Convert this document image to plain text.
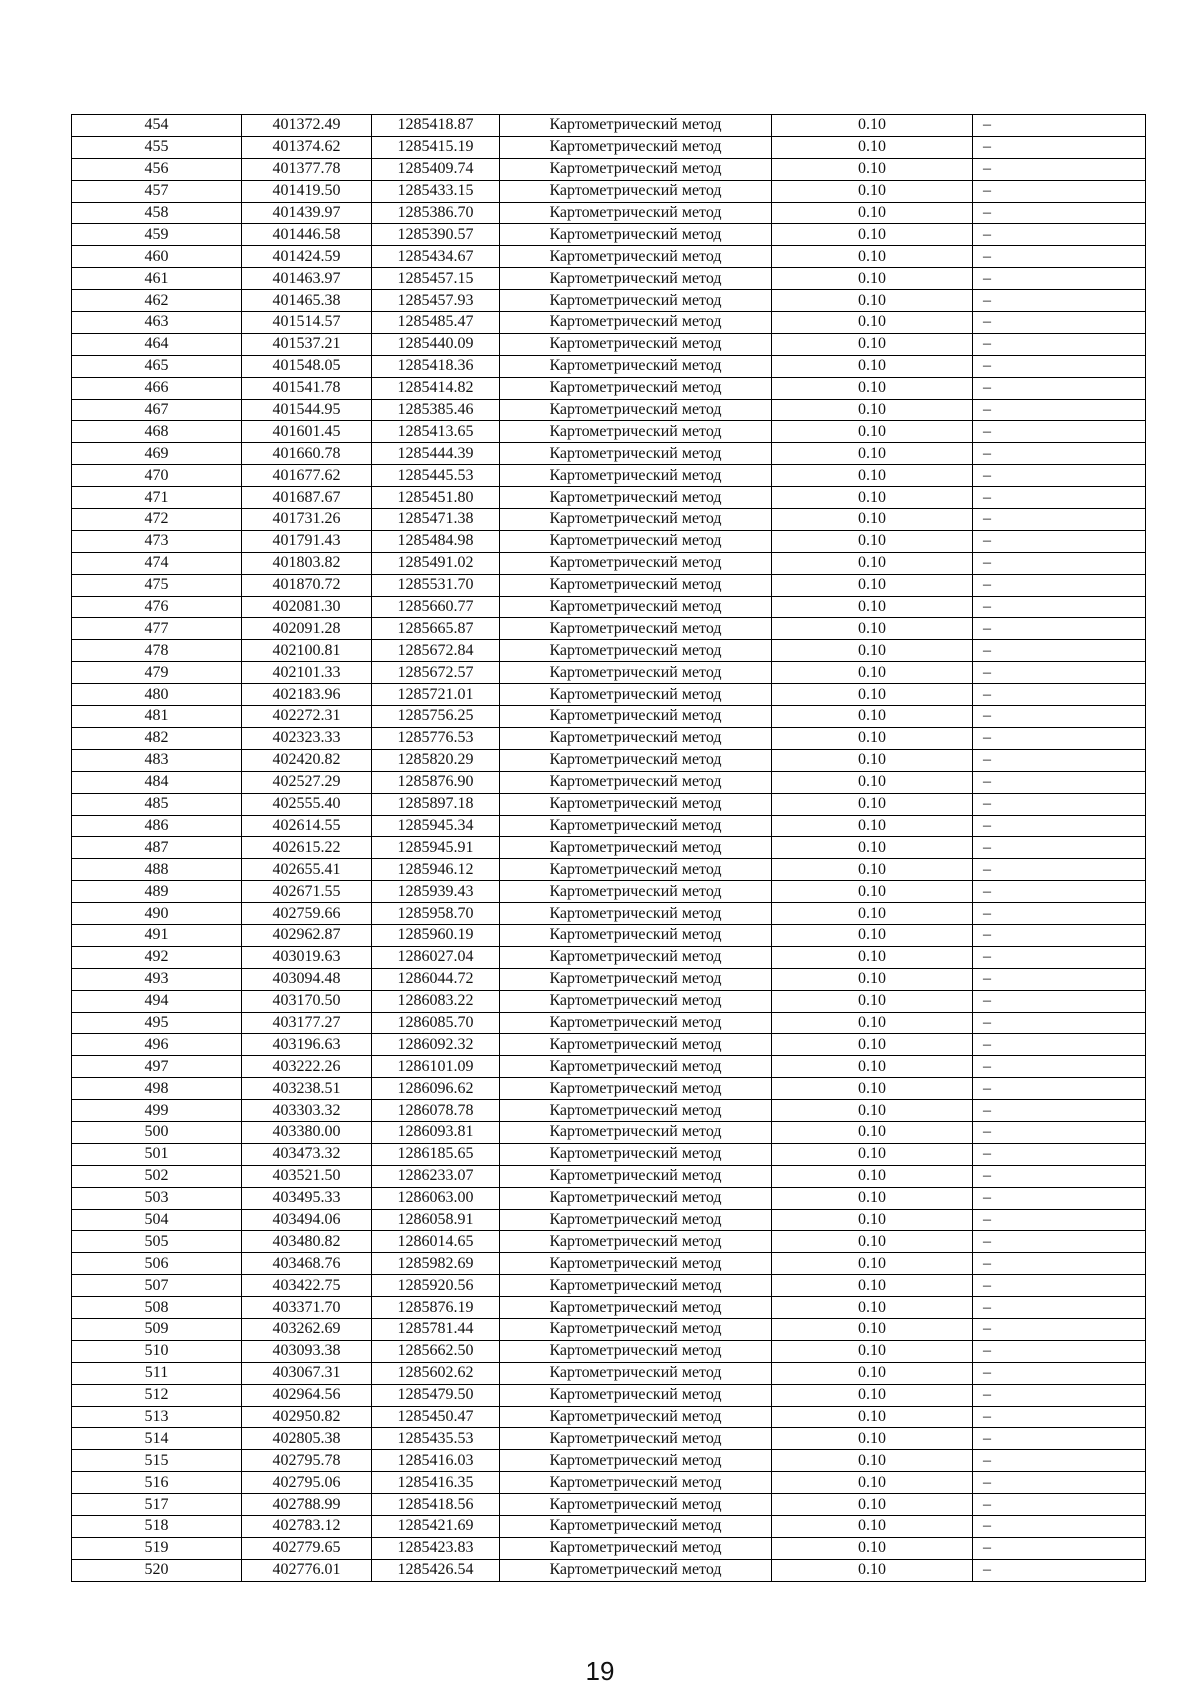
454	401372.49	1285418.87	Картометрический метод	0.10	–
455	401374.62	1285415.19	Картометрический метод	0.10	–
456	401377.78	1285409.74	Картометрический метод	0.10	–
457	401419.50	1285433.15	Картометрический метод	0.10	–
458	401439.97	1285386.70	Картометрический метод	0.10	–
459	401446.58	1285390.57	Картометрический метод	0.10	–
460	401424.59	1285434.67	Картометрический метод	0.10	–
461	401463.97	1285457.15	Картометрический метод	0.10	–
462	401465.38	1285457.93	Картометрический метод	0.10	–
463	401514.57	1285485.47	Картометрический метод	0.10	–
464	401537.21	1285440.09	Картометрический метод	0.10	–
465	401548.05	1285418.36	Картометрический метод	0.10	–
466	401541.78	1285414.82	Картометрический метод	0.10	–
467	401544.95	1285385.46	Картометрический метод	0.10	–
468	401601.45	1285413.65	Картометрический метод	0.10	–
469	401660.78	1285444.39	Картометрический метод	0.10	–
470	401677.62	1285445.53	Картометрический метод	0.10	–
471	401687.67	1285451.80	Картометрический метод	0.10	–
472	401731.26	1285471.38	Картометрический метод	0.10	–
473	401791.43	1285484.98	Картометрический метод	0.10	–
474	401803.82	1285491.02	Картометрический метод	0.10	–
475	401870.72	1285531.70	Картометрический метод	0.10	–
476	402081.30	1285660.77	Картометрический метод	0.10	–
477	402091.28	1285665.87	Картометрический метод	0.10	–
478	402100.81	1285672.84	Картометрический метод	0.10	–
479	402101.33	1285672.57	Картометрический метод	0.10	–
480	402183.96	1285721.01	Картометрический метод	0.10	–
481	402272.31	1285756.25	Картометрический метод	0.10	–
482	402323.33	1285776.53	Картометрический метод	0.10	–
483	402420.82	1285820.29	Картометрический метод	0.10	–
484	402527.29	1285876.90	Картометрический метод	0.10	–
485	402555.40	1285897.18	Картометрический метод	0.10	–
486	402614.55	1285945.34	Картометрический метод	0.10	–
487	402615.22	1285945.91	Картометрический метод	0.10	–
488	402655.41	1285946.12	Картометрический метод	0.10	–
489	402671.55	1285939.43	Картометрический метод	0.10	–
490	402759.66	1285958.70	Картометрический метод	0.10	–
491	402962.87	1285960.19	Картометрический метод	0.10	–
492	403019.63	1286027.04	Картометрический метод	0.10	–
493	403094.48	1286044.72	Картометрический метод	0.10	–
494	403170.50	1286083.22	Картометрический метод	0.10	–
495	403177.27	1286085.70	Картометрический метод	0.10	–
496	403196.63	1286092.32	Картометрический метод	0.10	–
497	403222.26	1286101.09	Картометрический метод	0.10	–
498	403238.51	1286096.62	Картометрический метод	0.10	–
499	403303.32	1286078.78	Картометрический метод	0.10	–
500	403380.00	1286093.81	Картометрический метод	0.10	–
501	403473.32	1286185.65	Картометрический метод	0.10	–
502	403521.50	1286233.07	Картометрический метод	0.10	–
503	403495.33	1286063.00	Картометрический метод	0.10	–
504	403494.06	1286058.91	Картометрический метод	0.10	–
505	403480.82	1286014.65	Картометрический метод	0.10	–
506	403468.76	1285982.69	Картометрический метод	0.10	–
507	403422.75	1285920.56	Картометрический метод	0.10	–
508	403371.70	1285876.19	Картометрический метод	0.10	–
509	403262.69	1285781.44	Картометрический метод	0.10	–
510	403093.38	1285662.50	Картометрический метод	0.10	–
511	403067.31	1285602.62	Картометрический метод	0.10	–
512	402964.56	1285479.50	Картометрический метод	0.10	–
513	402950.82	1285450.47	Картометрический метод	0.10	–
514	402805.38	1285435.53	Картометрический метод	0.10	–
515	402795.78	1285416.03	Картометрический метод	0.10	–
516	402795.06	1285416.35	Картометрический метод	0.10	–
517	402788.99	1285418.56	Картометрический метод	0.10	–
518	402783.12	1285421.69	Картометрический метод	0.10	–
519	402779.65	1285423.83	Картометрический метод	0.10	–
520	402776.01	1285426.54	Картометрический метод	0.10	–
19
